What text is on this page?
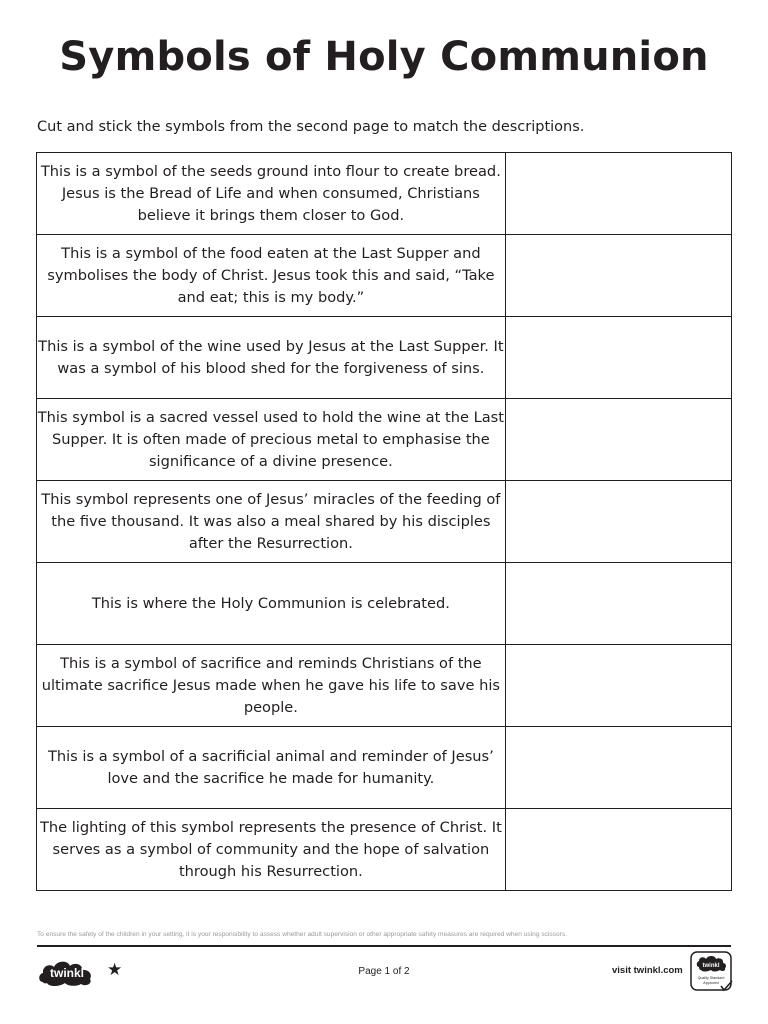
Symbols of Holy Communion
Cut and stick the symbols from the second page to match the descriptions.
This is a symbol of the seeds ground into flour to create bread. Jesus is the Bread of Life and when consumed, Christians believe it brings them closer to God.	
This is a symbol of the food eaten at the Last Supper and symbolises the body of Christ. Jesus took this and said, “Take and eat; this is my body.”	
This is a symbol of the wine used by Jesus at the Last Supper. It was a symbol of his blood shed for the forgiveness of sins.	
This symbol is a sacred vessel used to hold the wine at the Last Supper. It is often made of precious metal to emphasise the significance of a divine presence.	
This symbol represents one of Jesus’ miracles of the feeding of the five thousand. It was also a meal shared by his disciples after the Resurrection.	
This is where the Holy Communion is celebrated.	
This is a symbol of sacrifice and reminds Christians of the ultimate sacrifice Jesus made when he gave his life to save his people.	
This is a symbol of a sacrificial animal and reminder of Jesus’ love and the sacrifice he made for humanity.	
The lighting of this symbol represents the presence of Christ. It serves as a symbol of community and the hope of salvation through his Resurrection.	
To ensure the safety of the children in your setting, it is your responsibility to assess whether adult supervision or other appropriate safety measures are required when using scissors.
twinkl ★	Page 1 of 2	visit twinkl.com	twinkl
Quality Standard
Approved
